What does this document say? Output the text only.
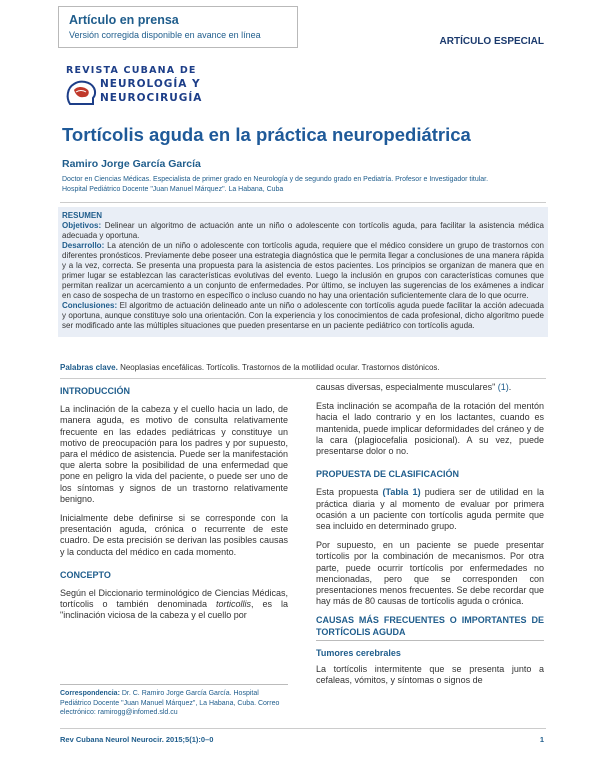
Artículo en prensa
Versión corregida disponible en avance en línea
ARTÍCULO ESPECIAL
REVISTA CUBANA DE
NEUROLOGÍA Y
NEUROCIRUGÍA
Tortícolis aguda en la práctica neuropediátrica
Ramiro Jorge García García
Doctor en Ciencias Médicas. Especialista de primer grado en Neurología y de segundo grado en Pediatría. Profesor e Investigador titular.
Hospital Pediátrico Docente "Juan Manuel Márquez". La Habana, Cuba
RESUMEN
Objetivos: Delinear un algoritmo de actuación ante un niño o adolescente con tortícolis aguda, para facilitar la asistencia médica adecuada y oportuna.
Desarrollo: La atención de un niño o adolescente con tortícolis aguda, requiere que el médico considere un grupo de trastornos con diferentes pronósticos. Previamente debe poseer una estrategia diagnóstica que le permita llegar a conclusiones de una manera rápida y a la vez, correcta. Se presenta una propuesta para la asistencia de estos pacientes. Los principios se organizan de manera que en primer lugar se establezcan las características evolutivas del evento. Luego la inclusión en grupos con características comunes que permitan realizar un acercamiento a un conjunto de enfermedades. Por último, se incluyen las sugerencias de los exámenes a indicar en caso de sospecha de un trastorno en específico o incluso cuando no hay una orientación suficientemente clara de lo que ocurre.
Conclusiones: El algoritmo de actuación delineado ante un niño o adolescente con tortícolis aguda puede facilitar la acción adecuada y oportuna, aunque constituye solo una orientación. Con la experiencia y los conocimientos de cada profesional, dicho algoritmo puede ser modificado ante las múltiples situaciones que pueden presentarse en un paciente pediátrico con tortícolis aguda.
Palabras clave. Neoplasias encefálicas. Tortícolis. Trastornos de la motilidad ocular. Trastornos distónicos.
INTRODUCCIÓN

La inclinación de la cabeza y el cuello hacia un lado, de manera aguda, es motivo de consulta relativamente frecuente en las edades pediátricas y constituye un motivo de preocupación para los padres y por supuesto, para el médico de asistencia. Puede ser la manifestación que alerta sobre la posibilidad de una enfermedad que pone en peligro la vida del paciente, o puede ser uno de los síntomas y signos de un trastorno relativamente benigno.

Inicialmente debe definirse si se corresponde con la presentación aguda, crónica o recurrente de este cuadro. De esta precisión se derivan las posibles causas y la conducta del médico en cada momento.

CONCEPTO

Según el Diccionario terminológico de Ciencias Médicas, tortícolis o también denominada torticollis, es la "inclinación viciosa de la cabeza y el cuello por

causas diversas, especialmente musculares" (1).

Esta inclinación se acompaña de la rotación del mentón hacia el lado contrario y en los lactantes, cuando es mantenida, puede implicar deformidades del cráneo y de la cara (plagiocefalia posicional). A su vez, puede presentarse dolor o no.

PROPUESTA DE CLASIFICACIÓN

Esta propuesta (Tabla 1) pudiera ser de utilidad en la práctica diaria y al momento de evaluar por primera ocasión a un paciente con tortícolis aguda permite que sea incluido en determinado grupo.

Por supuesto, en un paciente se puede presentar tortícolis por la combinación de mecanismos. Por otra parte, puede ocurrir tortícolis por enfermedades no mencionadas, pero que se corresponden con presentaciones menos frecuentes. Se debe recordar que hay más de 80 causas de tortícolis aguda o crónica.

CAUSAS MÁS FRECUENTES O IMPORTANTES DE TORTÍCOLIS AGUDA
Tumores cerebrales

La tortícolis intermitente que se presenta junto a cefaleas, vómitos, y síntomas o signos de

Correspondencia: Dr. C. Ramiro Jorge García García. Hospital Pediátrico Docente "Juan Manuel Márquez", La Habana, Cuba. Correo electrónico: ramirogg@infomed.sld.cu
Rev Cubana Neurol Neurocir. 2015;5(1):0–0	1
